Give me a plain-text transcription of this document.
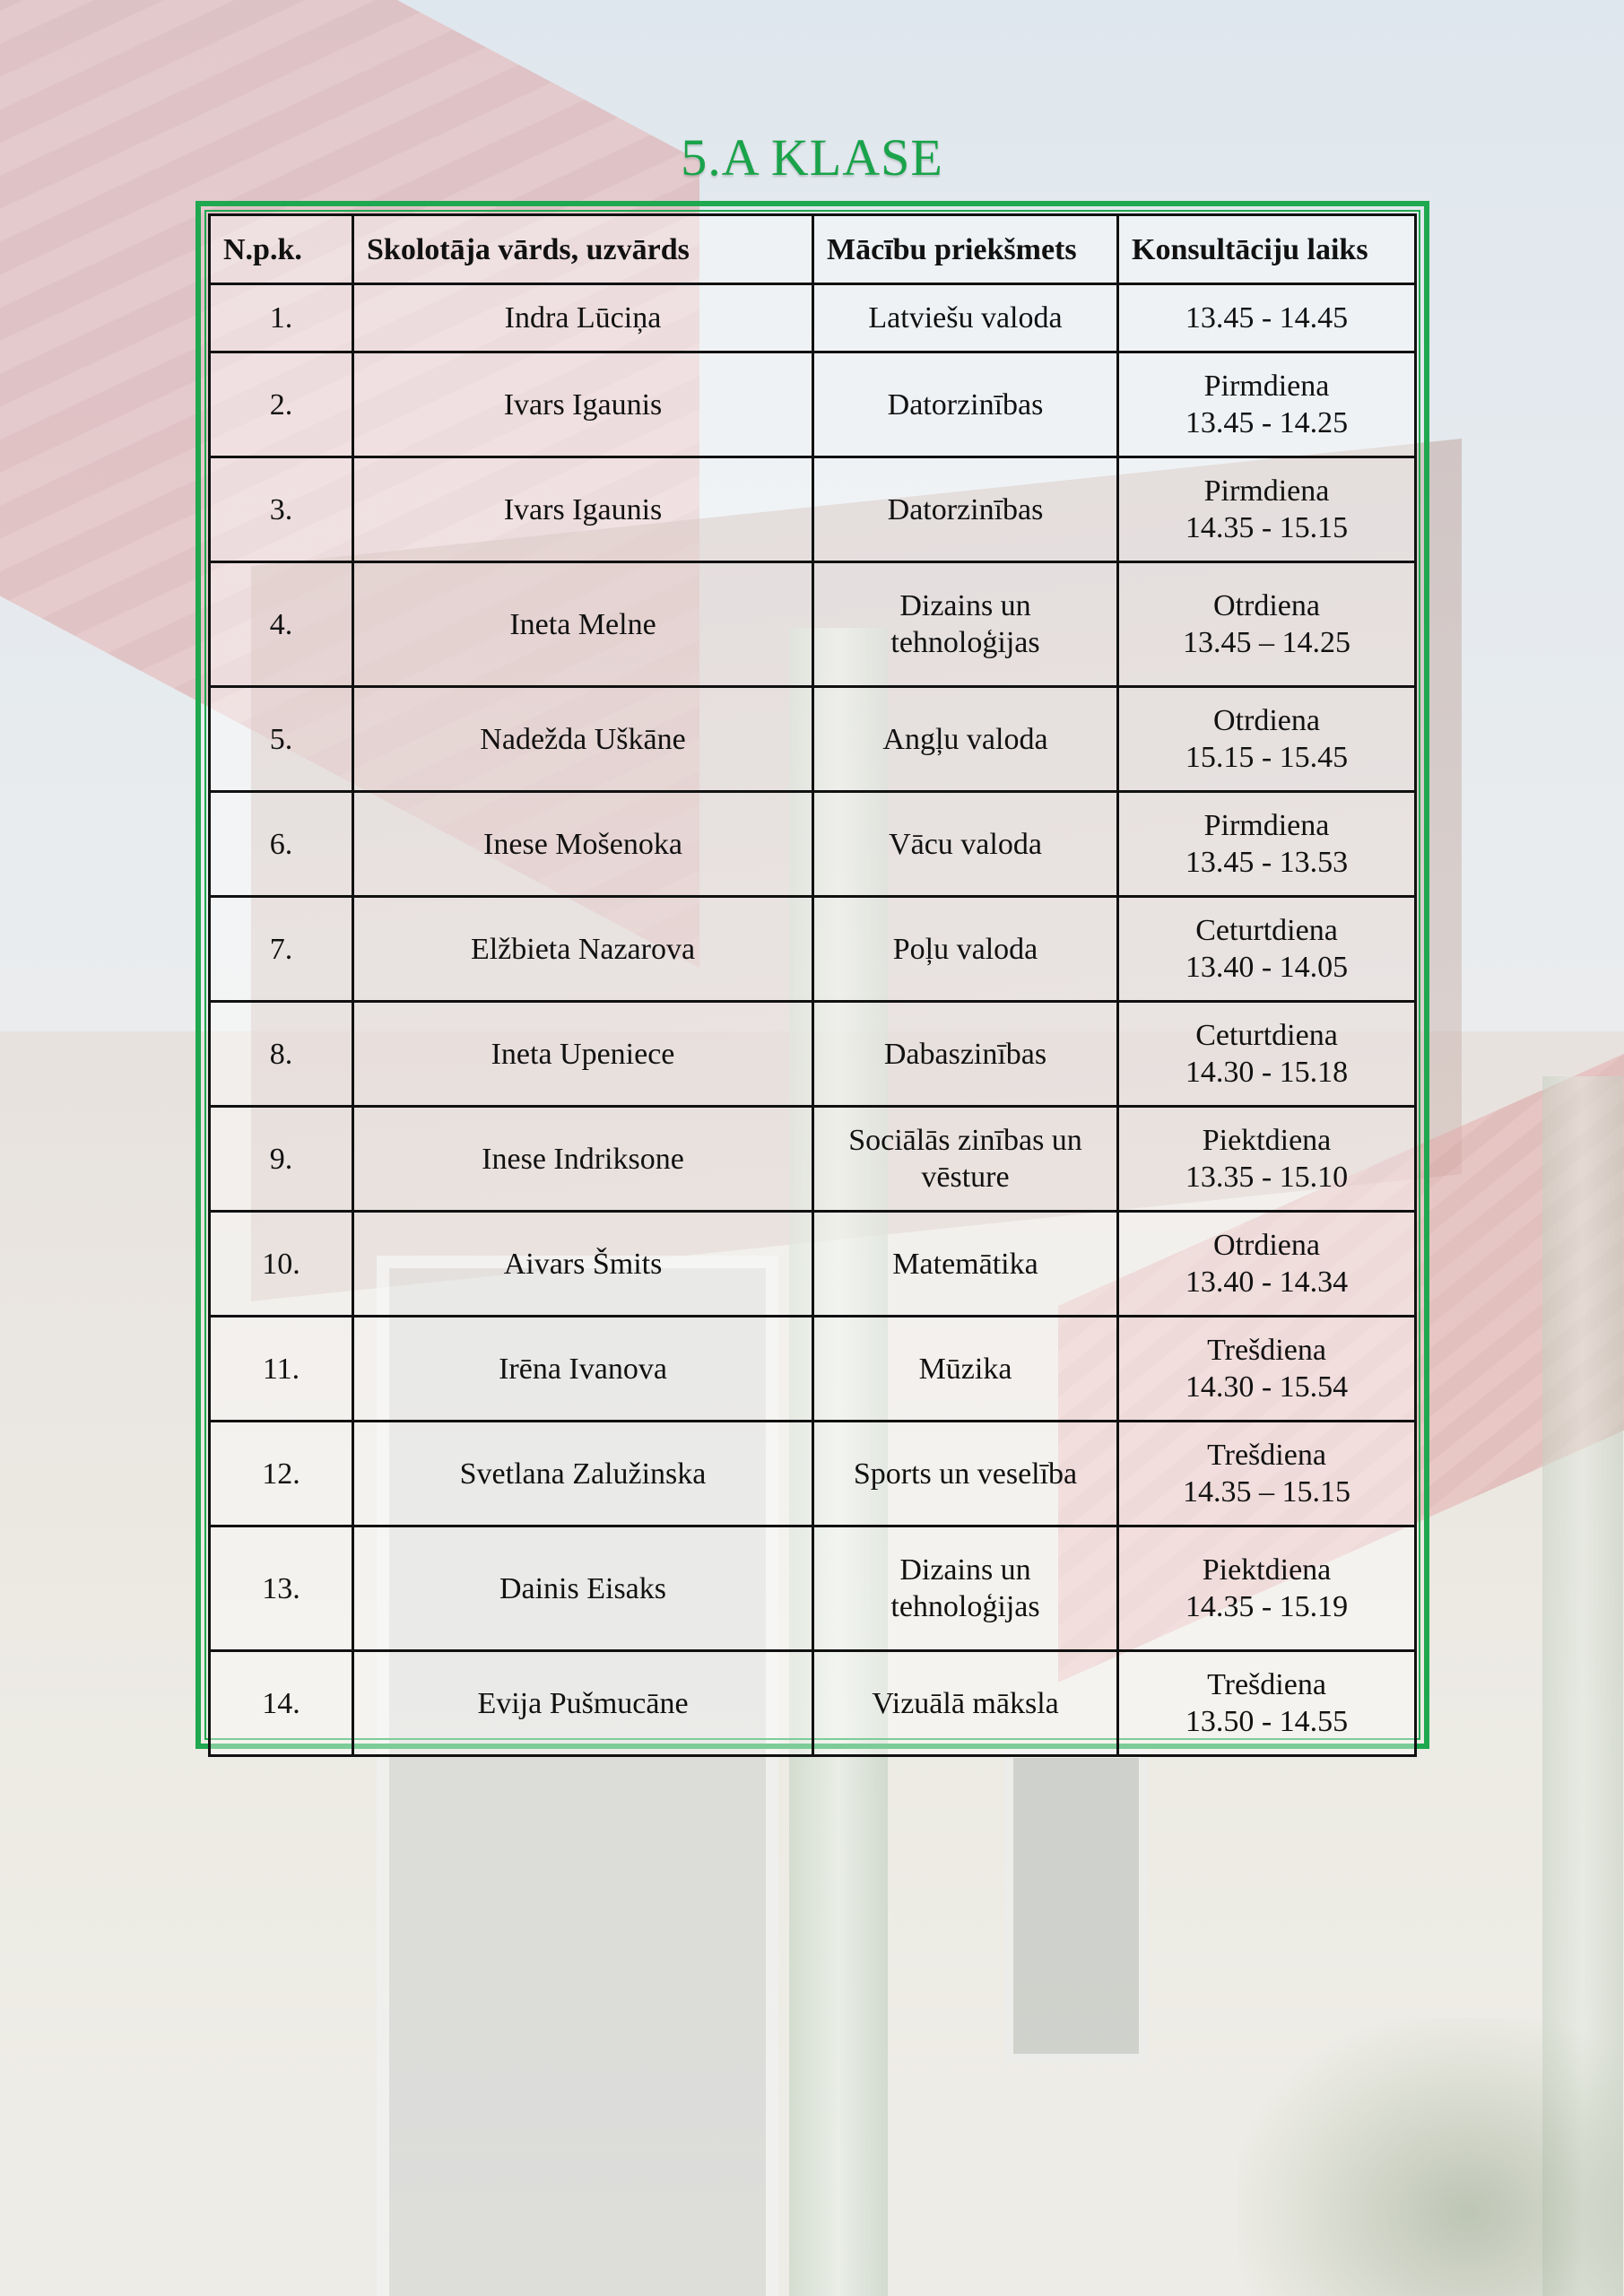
5.A KLASE
N.p.k.	Skolotāja vārds, uzvārds	Mācību priekšmets	Konsultāciju laiks
1.	Indra Lūciņa	Latviešu valoda	13.45 - 14.45

2.	Ivars Igaunis	Datorzinības	Pirmdiena
13.45 - 14.25

3.	Ivars Igaunis	Datorzinības	Pirmdiena
14.35 - 15.15

4.	Ineta Melne	Dizains un
tehnoloģijas	Otrdiena
13.45 – 14.25

5.	Nadežda Uškāne	Angļu valoda	Otrdiena
15.15 - 15.45

6.	Inese Mošenoka	Vācu valoda	Pirmdiena
13.45 - 13.53

7.	Elžbieta Nazarova	Poļu valoda	Ceturtdiena
13.40 - 14.05

8.	Ineta Upeniece	Dabaszinības	Ceturtdiena
14.30 - 15.18

9.	Inese Indriksone	Sociālās zinības un
vēsture	Piektdiena
13.35 - 15.10

10.	Aivars Šmits	Matemātika	Otrdiena
13.40 - 14.34

11.	Irēna Ivanova	Mūzika	Trešdiena
14.30 - 15.54

12.	Svetlana Zalužinska	Sports un veselība	Trešdiena
14.35 – 15.15

13.	Dainis Eisaks	Dizains un
tehnoloģijas	Piektdiena
14.35 - 15.19

14.	Evija Pušmucāne	Vizuālā māksla	Trešdiena
13.50 - 14.55
